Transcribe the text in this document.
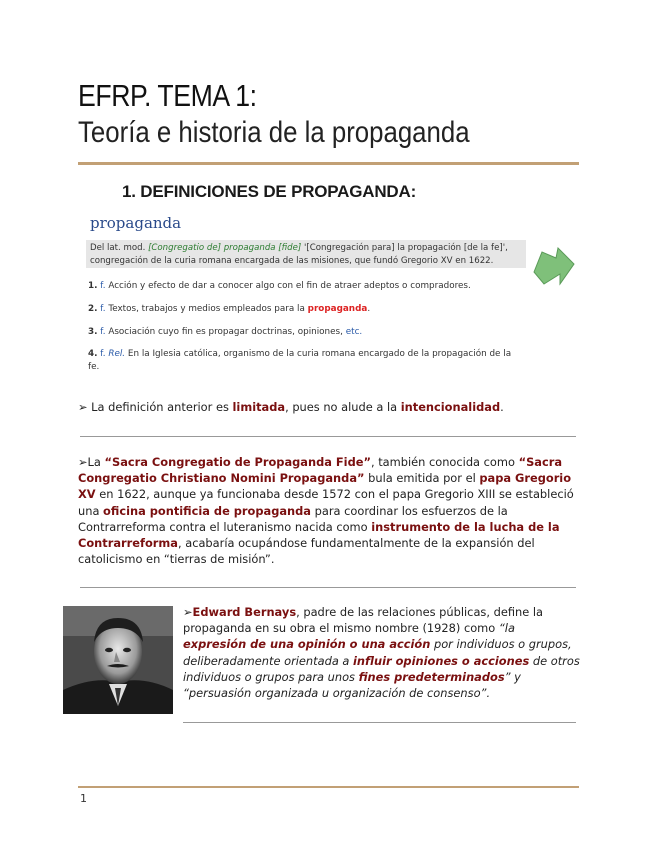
EFRP. TEMA 1:
Teoría e historia de la propaganda
1. DEFINICIONES DE PROPAGANDA:
propaganda
Del lat. mod. [Congregatio de] propaganda [fide] '[Congregación para] la propagación [de la fe]',
congregación de la curia romana encargada de las misiones, que fundó Gregorio XV en 1622.
1. f. Acción y efecto de dar a conocer algo con el fin de atraer adeptos o compradores.
2. f. Textos, trabajos y medios empleados para la propaganda.
3. f. Asociación cuyo fin es propagar doctrinas, opiniones, etc.
4. f. Rel. En la Iglesia católica, organismo de la curia romana encargado de la propagación de la
fe.
➢ La definición anterior es limitada, pues no alude a la intencionalidad.
➢La “Sacra Congregatio de Propaganda Fide”, también conocida como “Sacra Congregatio Christiano Nomini Propaganda” bula emitida por el papa Gregorio XV en 1622, aunque ya funcionaba desde 1572 con el papa Gregorio XIII se estableció una oficina pontificia de propaganda para coordinar los esfuerzos de la Contrarreforma contra el luteranismo nacida como instrumento de la lucha de la Contrarreforma, acabaría ocupándose fundamentalmente de la expansión del catolicismo en “tierras de misión”.
➢Edward Bernays, padre de las relaciones públicas, define la propaganda en su obra el mismo nombre (1928) como “la expresión de una opinión o una acción por individuos o grupos, deliberadamente orientada a influir opiniones o acciones de otros individuos o grupos para unos fines predeterminados” y “persuasión organizada u organización de consenso”.
1
